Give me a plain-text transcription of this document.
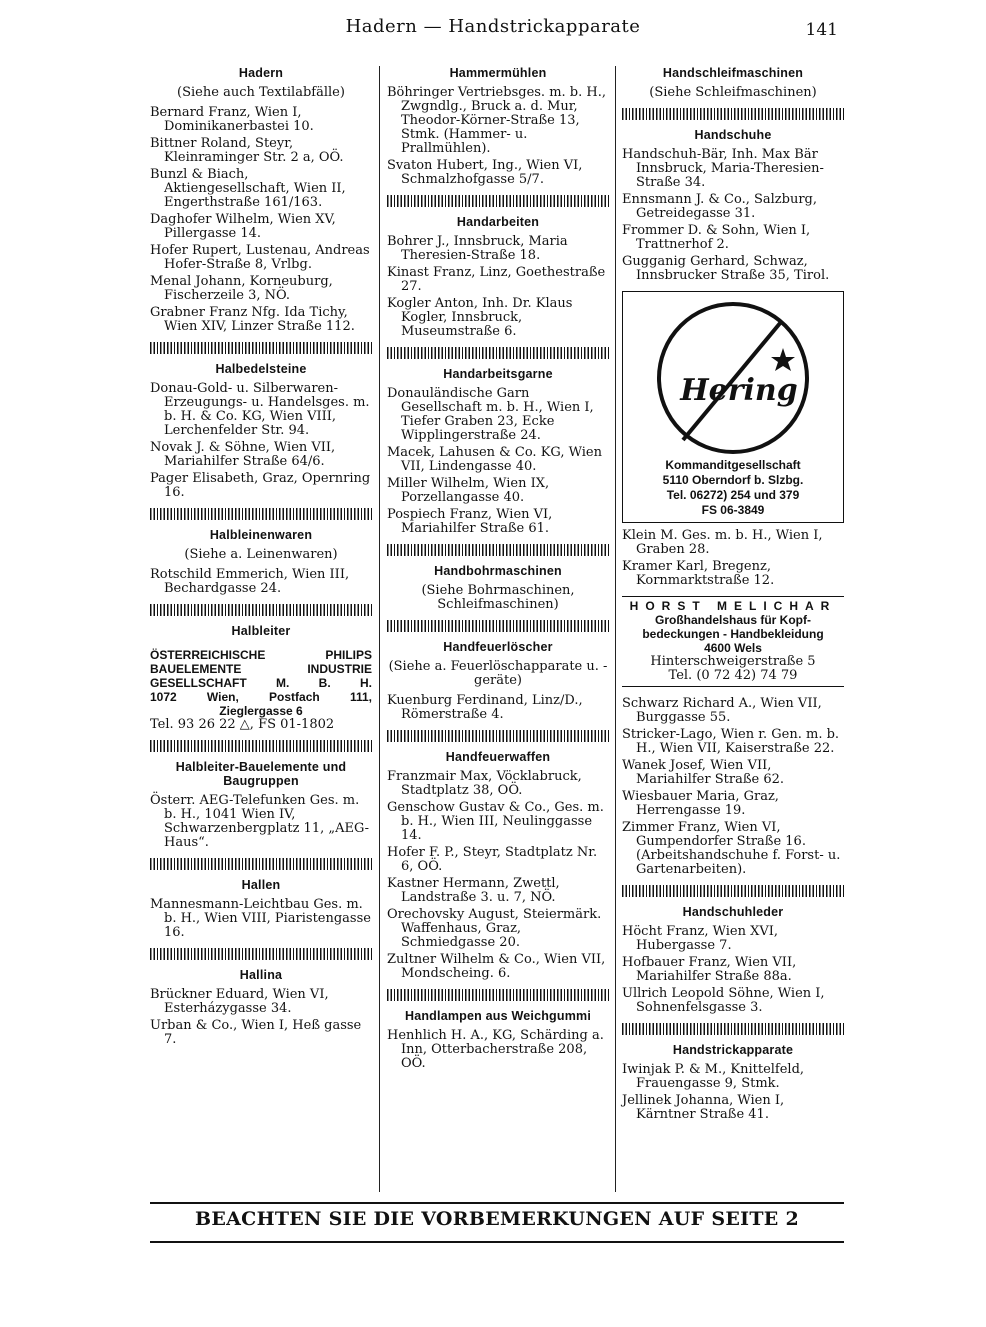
Hadern — Handstrickapparate	141
Hadern
(Siehe auch Textilabfälle)
Bernard Franz, Wien I, Dominikanerbastei 10.
Bittner Roland, Steyr, Kleinraminger Str. 2 a, OÖ.
Bunzl & Biach, Aktiengesellschaft, Wien II, Engerthstraße 161/163.
Daghofer Wilhelm, Wien XV, Pillergasse 14.
Hofer Rupert, Lustenau, Andreas Hofer-Straße 8, Vrlbg.
Menal Johann, Korneuburg, Fischerzeile 3, NÖ.
Grabner Franz Nfg. Ida Tichy, Wien XIV, Linzer Straße 112.
Halbedelsteine
Donau-Gold- u. Silberwaren-Erzeugungs- u. Handelsges. m. b. H. & Co. KG, Wien VIII, Lerchenfelder Str. 94.
Novak J. & Söhne, Wien VII, Mariahilfer Straße 64/6.
Pager Elisabeth, Graz, Opernring 16.
Halbleinenwaren
(Siehe a. Leinenwaren)
Rotschild Emmerich, Wien III, Bechardgasse 24.
Halbleiter
ÖSTERREICHISCHE PHILIPS
BAUELEMENTE INDUSTRIE
GESELLSCHAFT M. B. H.
1072 Wien, Postfach 111,
Zieglergasse 6
Tel. 93 26 22 △, FS 01-1802
Halbleiter-Bauelemente und Baugruppen
Österr. AEG-Telefunken Ges. m. b. H., 1041 Wien IV, Schwarzenbergplatz 11, „AEG-Haus“.
Hallen
Mannesmann-Leichtbau Ges. m. b. H., Wien VIII, Piaristengasse 16.
Hallina
Brückner Eduard, Wien VI, Esterházygasse 34.
Urban & Co., Wien I, Heß gasse 7.
Hammermühlen
Böhringer Vertriebsges. m. b. H., Zwgndlg., Bruck a. d. Mur, Theodor-Körner-Straße 13, Stmk. (Hammer- u. Prallmühlen).
Svaton Hubert, Ing., Wien VI, Schmalzhofgasse 5/7.
Handarbeiten
Bohrer J., Innsbruck, Maria Theresien-Straße 18.
Kinast Franz, Linz, Goethestraße 27.
Kogler Anton, Inh. Dr. Klaus Kogler, Innsbruck, Museumstraße 6.
Handarbeitsgarne
Donauländische Garn Gesellschaft m. b. H., Wien I, Tiefer Graben 23, Ecke Wipplingerstraße 24.
Macek, Lahusen & Co. KG, Wien VII, Lindengasse 40.
Miller Wilhelm, Wien IX, Porzellangasse 40.
Pospiech Franz, Wien VI, Mariahilfer Straße 61.
Handbohrmaschinen
(Siehe Bohrmaschinen, Schleifmaschinen)
Handfeuerlöscher
(Siehe a. Feuerlöschapparate u. -geräte)
Kuenburg Ferdinand, Linz/D., Römerstraße 4.
Handfeuerwaffen
Franzmair Max, Vöcklabruck, Stadtplatz 38, OÖ.
Genschow Gustav & Co., Ges. m. b. H., Wien III, Neulinggasse 14.
Hofer F. P., Steyr, Stadtplatz Nr. 6, OÖ.
Kastner Hermann, Zwettl, Landstraße 3. u. 7, NÖ.
Orechovsky August, Steiermärk. Waffenhaus, Graz, Schmiedgasse 20.
Zultner Wilhelm & Co., Wien VII, Mondscheing. 6.
Handlampen aus Weichgummi
Henhlich H. A., KG, Schärding a. Inn, Otterbacherstraße 208, OÖ.
Handschleifmaschinen
(Siehe Schleifmaschinen)
Handschuhe
Handschuh-Bär, Inh. Max Bär Innsbruck, Maria-Theresien-Straße 34.
Ennsmann J. & Co., Salzburg, Getreidegasse 31.
Frommer D. & Sohn, Wien I, Trattnerhof 2.
Gugganig Gerhard, Schwaz, Innsbrucker Straße 35, Tirol.
Hering
Kommanditgesellschaft
5110 Oberndorf b. Slzbg.
Tel. 06272) 254 und 379
FS 06-3849
Klein M. Ges. m. b. H., Wien I, Graben 28.
Kramer Karl, Bregenz, Kornmarktstraße 12.
HORST MELICHAR
Großhandelshaus für Kopf-
bedeckungen - Handbekleidung
4600 Wels
Hinterschweigerstraße 5
Tel. (0 72 42) 74 79
Schwarz Richard A., Wien VII, Burggasse 55.
Stricker-Lago, Wien r. Gen. m. b. H., Wien VII, Kaiserstraße 22.
Wanek Josef, Wien VII, Mariahilfer Straße 62.
Wiesbauer Maria, Graz, Herrengasse 19.
Zimmer Franz, Wien VI, Gumpendorfer Straße 16. (Arbeitshandschuhe f. Forst- u. Gartenarbeiten).
Handschuhleder
Höcht Franz, Wien XVI, Hubergasse 7.
Hofbauer Franz, Wien VII, Mariahilfer Straße 88a.
Ullrich Leopold Söhne, Wien I, Sohnenfelsgasse 3.
Handstrickapparate
Iwinjak P. & M., Knittelfeld, Frauengasse 9, Stmk.
Jellinek Johanna, Wien I, Kärntner Straße 41.
BEACHTEN SIE DIE VORBEMERKUNGEN AUF SEITE 2
